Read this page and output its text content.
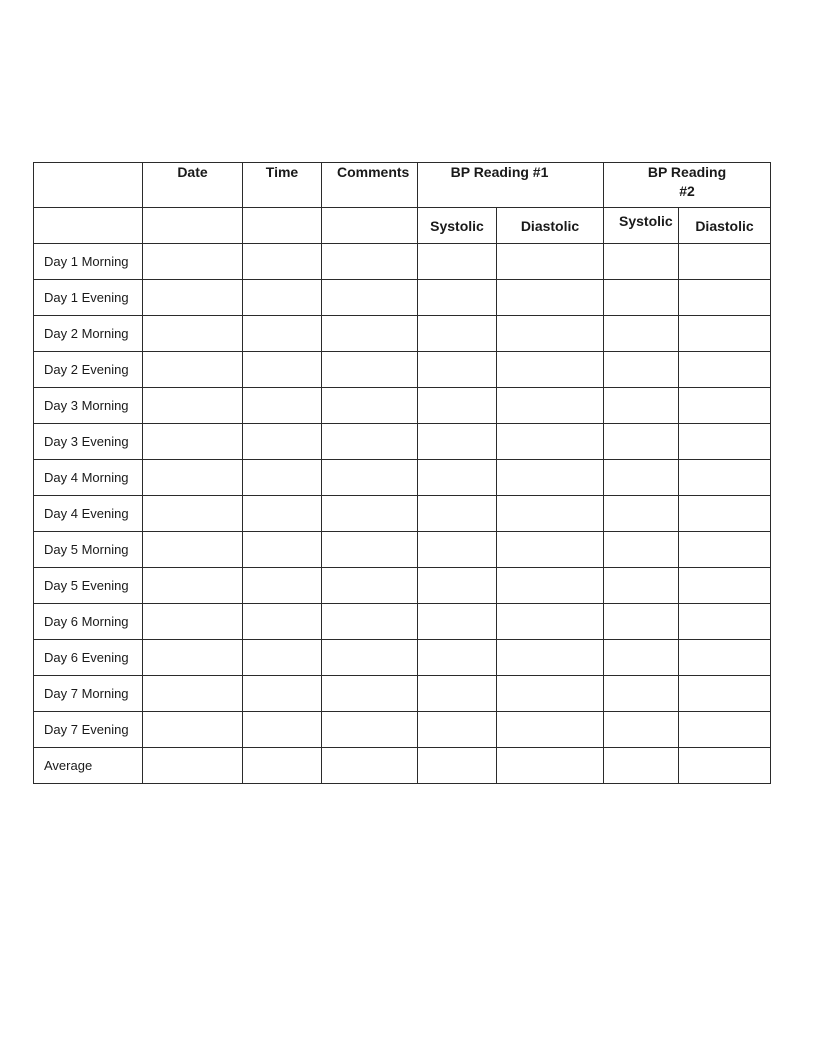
	Date	Time	Comments	BP Reading #1		BP Reading #2	
				Systolic	Diastolic	Systolic	Diastolic
Day 1 Morning							
Day 1 Evening							
Day 2 Morning							
Day 2 Evening							
Day 3 Morning							
Day 3 Evening							
Day 4 Morning							
Day 4 Evening							
Day 5 Morning							
Day 5 Evening							
Day 6 Morning							
Day 6 Evening							
Day 7 Morning							
Day 7 Evening							
Average							
